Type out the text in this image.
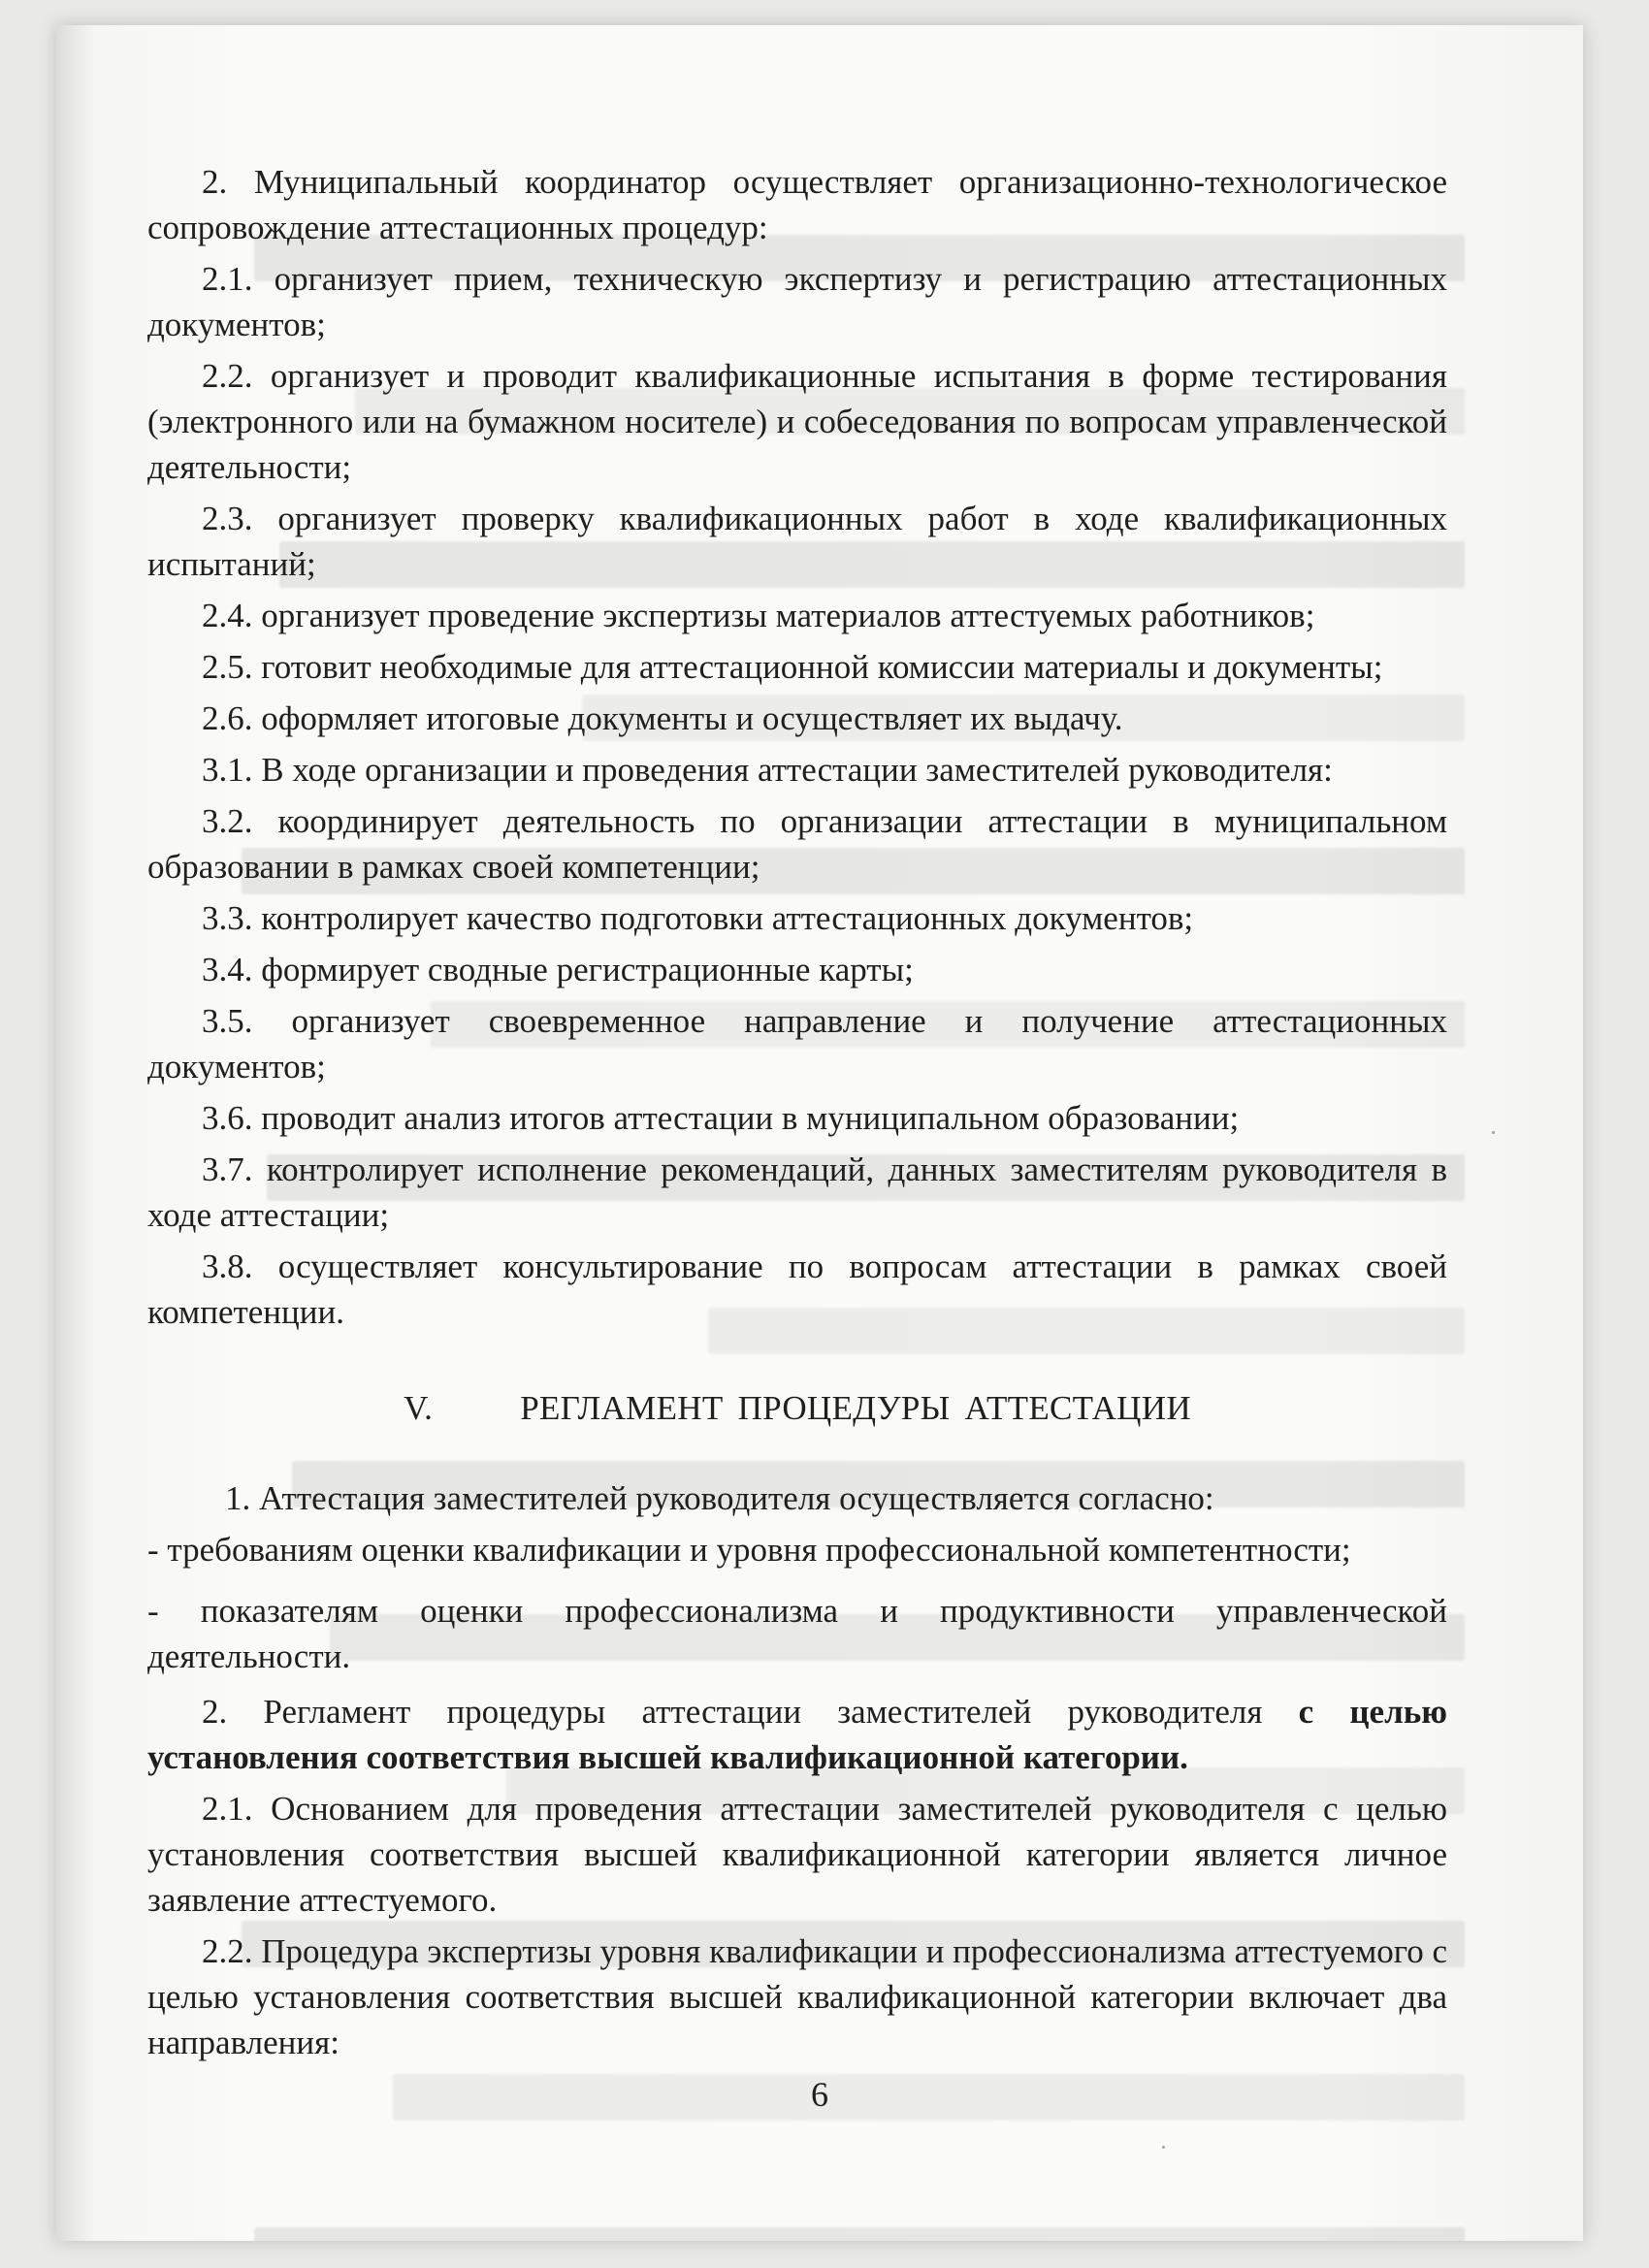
2. Муниципальный координатор осуществляет организационно-технологическое сопровождение аттестационных процедур:

2.1. организует прием, техническую экспертизу и регистрацию аттестационных документов;

2.2. организует и проводит квалификационные испытания в форме тестирования (электронного или на бумажном носителе) и собеседования по вопросам управленческой деятельности;

2.3. организует проверку квалификационных работ в ходе квалификационных испытаний;

2.4. организует проведение экспертизы материалов аттестуемых работников;

2.5. готовит необходимые для аттестационной комиссии материалы и документы;

2.6. оформляет итоговые документы и осуществляет их выдачу.

3.1. В ходе организации и проведения аттестации заместителей руководителя:

3.2. координирует деятельность по организации аттестации в муниципальном образовании в рамках своей компетенции;

3.3. контролирует качество подготовки аттестационных документов;

3.4. формирует сводные регистрационные карты;

3.5. организует своевременное направление и получение аттестационных документов;

3.6. проводит анализ итогов аттестации в муниципальном образовании;

3.7. контролирует исполнение рекомендаций, данных заместителям руководителя в ходе аттестации;

3.8. осуществляет консультирование по вопросам аттестации в рамках своей компетенции.

V.	РЕГЛАМЕНТ ПРОЦЕДУРЫ АТТЕСТАЦИИ

1. Аттестация заместителей руководителя осуществляется согласно:

- требованиям оценки квалификации и уровня профессиональной компетентности;

- показателям оценки профессионализма и продуктивности управленческой деятельности.

2. Регламент процедуры аттестации заместителей руководителя с целью установления соответствия высшей квалификационной категории.

2.1. Основанием для проведения аттестации заместителей руководителя с целью установления соответствия высшей квалификационной категории является личное заявление аттестуемого.

2.2. Процедура экспертизы уровня квалификации и профессионализма аттестуемого с целью установления соответствия высшей квалификационной категории включает два направления:

6
